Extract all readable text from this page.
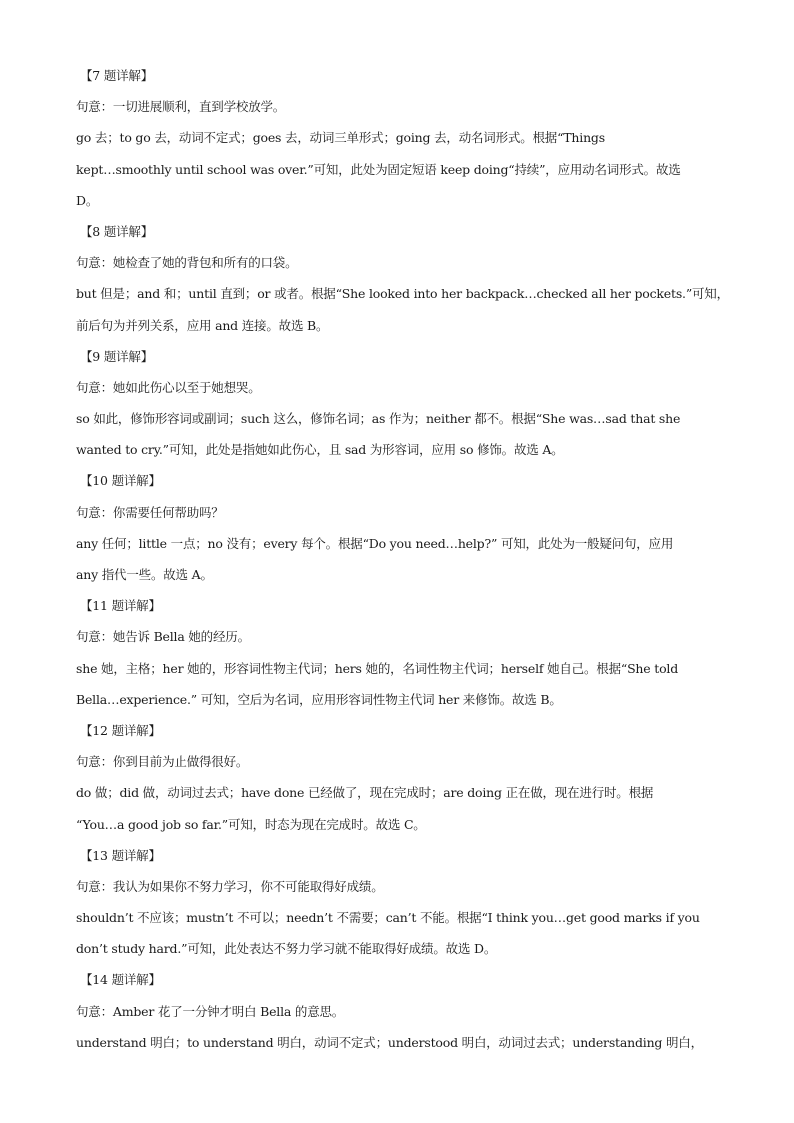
【7 题详解】
句意：一切进展顺利，直到学校放学。
go 去；to go 去，动词不定式；goes 去，动词三单形式；going 去，动名词形式。根据“Things
kept…smoothly until school was over.”可知，此处为固定短语 keep doing“持续”，应用动名词形式。故选
D。
【8 题详解】
句意：她检查了她的背包和所有的口袋。
but 但是；and 和；until 直到；or 或者。根据“She looked into her backpack…checked all her pockets.”可知，
前后句为并列关系，应用 and 连接。故选 B。
【9 题详解】
句意：她如此伤心以至于她想哭。
so 如此，修饰形容词或副词；such 这么，修饰名词；as 作为；neither 都不。根据“She was…sad that she
wanted to cry.”可知，此处是指她如此伤心，且 sad 为形容词，应用 so 修饰。故选 A。
【10 题详解】
句意：你需要任何帮助吗？
any 任何；little 一点；no 没有；every 每个。根据“Do you need…help?” 可知，此处为一般疑问句，应用
any 指代一些。故选 A。
【11 题详解】
句意：她告诉 Bella 她的经历。
she 她，主格；her 她的，形容词性物主代词；hers 她的，名词性物主代词；herself 她自己。根据“She told
Bella…experience.” 可知，空后为名词，应用形容词性物主代词 her 来修饰。故选 B。
【12 题详解】
句意：你到目前为止做得很好。
do 做；did 做，动词过去式；have done 已经做了，现在完成时；are doing 正在做，现在进行时。根据
“You…a good job so far.”可知，时态为现在完成时。故选 C。
【13 题详解】
句意：我认为如果你不努力学习，你不可能取得好成绩。
shouldn’t 不应该；mustn’t 不可以；needn’t 不需要；can’t 不能。根据“I think you…get good marks if you
don’t study hard.”可知，此处表达不努力学习就不能取得好成绩。故选 D。
【14 题详解】
句意：Amber 花了一分钟才明白 Bella 的意思。
understand 明白；to understand 明白，动词不定式；understood 明白，动词过去式；understanding 明白，
